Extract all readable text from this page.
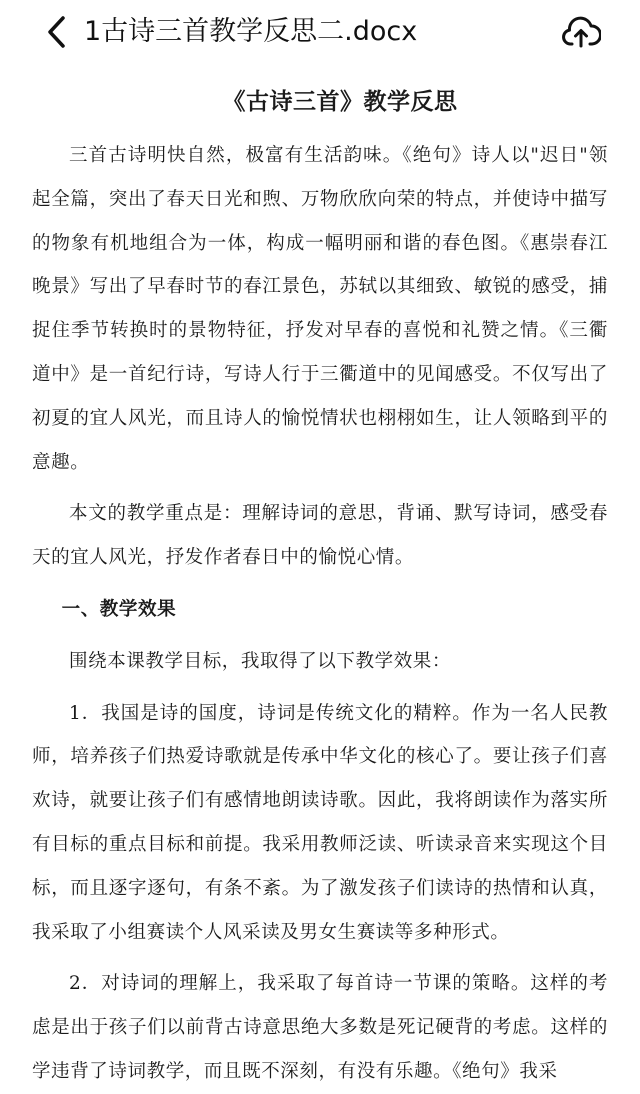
1古诗三首教学反思二.docx
《古诗三首》教学反思

三首古诗明快自然，极富有生活韵味。《绝句》诗人以"迟日"领起全篇，突出了春天日光和煦、万物欣欣向荣的特点，并使诗中描写的物象有机地组合为一体，构成一幅明丽和谐的春色图。《惠崇春江晚景》写出了早春时节的春江景色，苏轼以其细致、敏锐的感受，捕捉住季节转换时的景物特征，抒发对早春的喜悦和礼赞之情。《三衢道中》是一首纪行诗，写诗人行于三衢道中的见闻感受。不仅写出了初夏的宜人风光，而且诗人的愉悦情状也栩栩如生，让人领略到平的意趣。

本文的教学重点是：理解诗词的意思，背诵、默写诗词，感受春天的宜人风光，抒发作者春日中的愉悦心情。

一、教学效果

围绕本课教学目标，我取得了以下教学效果：

1．我国是诗的国度，诗词是传统文化的精粹。作为一名人民教师，培养孩子们热爱诗歌就是传承中华文化的核心了。要让孩子们喜欢诗，就要让孩子们有感情地朗读诗歌。因此，我将朗读作为落实所有目标的重点目标和前提。我采用教师泛读、听读录音来实现这个目标，而且逐字逐句，有条不紊。为了激发孩子们读诗的热情和认真，我采取了小组赛读个人风采读及男女生赛读等多种形式。

2．对诗词的理解上，我采取了每首诗一节课的策略。这样的考虑是出于孩子们以前背古诗意思绝大多数是死记硬背的考虑。这样的学违背了诗词教学，而且既不深刻，有没有乐趣。《绝句》我采
